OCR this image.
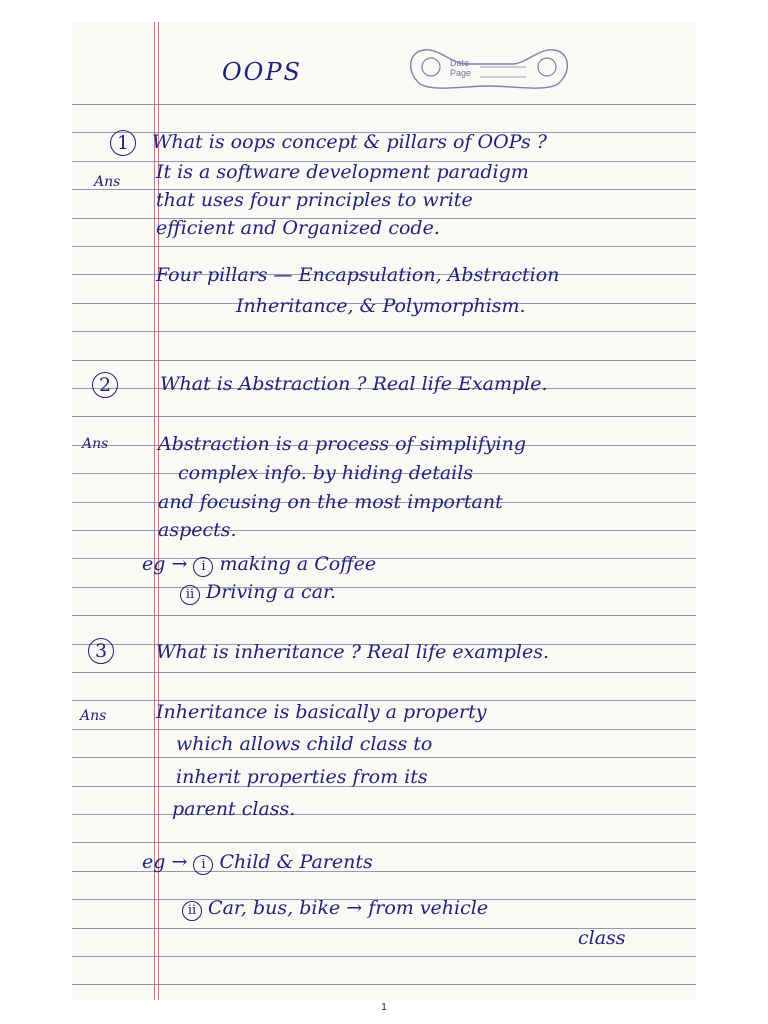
OOPS	Date
Page

1

Ans

What is oops concept & pillars of OOPs ?

It is a software development paradigm

that uses four principles to write

efficient and Organized code.

Four pillars — Encapsulation, Abstraction

Inheritance, & Polymorphism.

2	What is Abstraction ? Real life Example.

Ans	Abstraction is a process of simplifying

complex info. by hiding details

and focusing on the most important

aspects.

eg → i making a Coffee
ii Driving a car.

3	What is inheritance ? Real life examples.

Ans	Inheritance is basically a property

which allows child class to

inherit properties from its

parent class.

eg → i Child & Parents
ii Car, bus, bike → from vehicle

class

1
